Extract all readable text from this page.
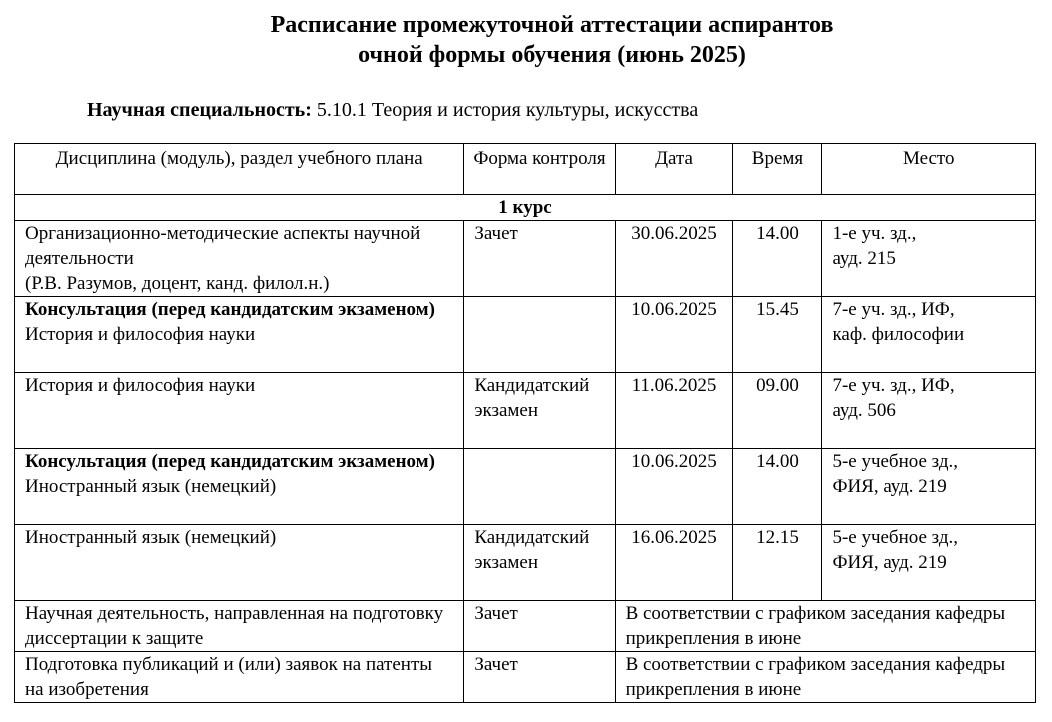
Расписание промежуточной аттестации аспирантов
очной формы обучения (июнь 2025)
Научная специальность: 5.10.1 Теория и история культуры, искусства
Дисциплина (модуль), раздел учебного плана	Форма контроля	Дата	Время	Место
1 курс				

Организационно-методические аспекты научной деятельности
(Р.В. Разумов, доцент, канд. филол.н.)	Зачет	30.06.2025	14.00	1-е уч. зд.,
ауд. 215

Консультация (перед кандидатским экзаменом)
История и философия науки		10.06.2025	15.45	7-е уч. зд., ИФ,
каф. философии

История и философия науки	Кандидатский экзамен	11.06.2025	09.00	7-е уч. зд., ИФ,
ауд. 506

Консультация (перед кандидатским экзаменом)
Иностранный язык (немецкий)		10.06.2025	14.00	5-е учебное зд.,
ФИЯ, ауд. 219

Иностранный язык (немецкий)	Кандидатский экзамен	16.06.2025	12.15	5-е учебное зд.,
ФИЯ, ауд. 219

Научная деятельность, направленная на подготовку диссертации к защите	Зачет	В соответствии с графиком заседания кафедры прикрепления в июне		
Подготовка публикаций и (или) заявок на патенты на изобретения	Зачет	В соответствии с графиком заседания кафедры прикрепления в июне		
